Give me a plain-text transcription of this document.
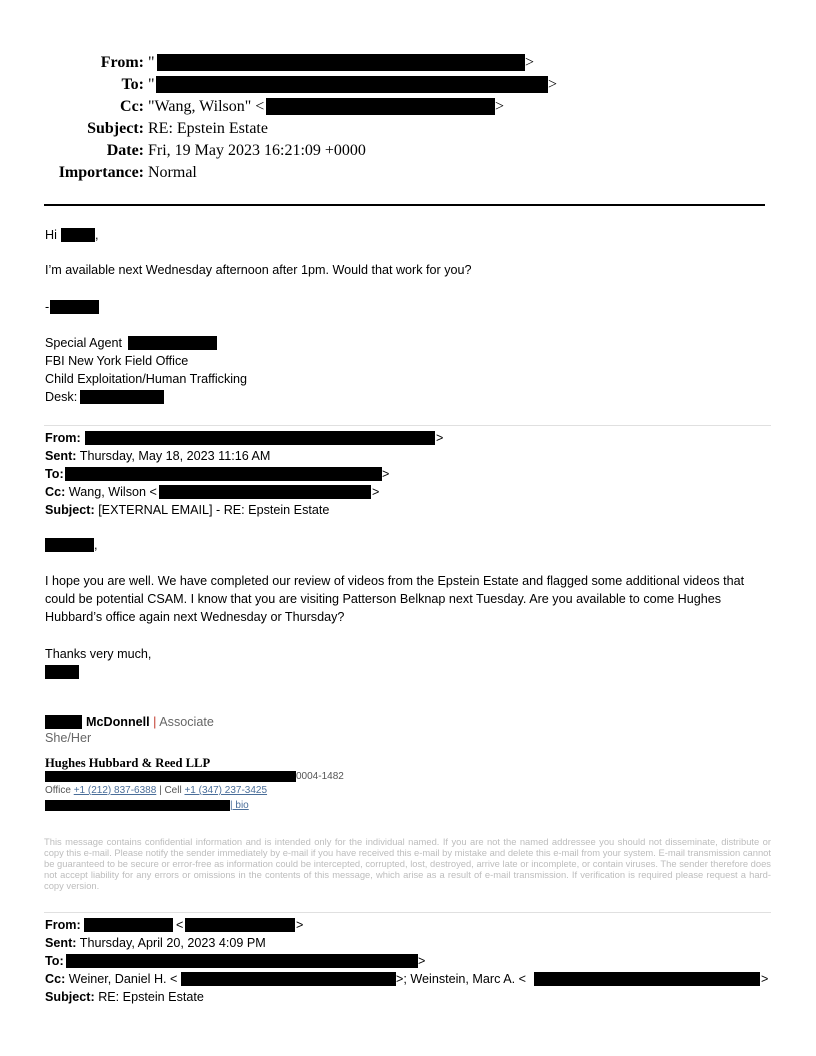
From: "	>
To: "	>
Cc: "Wang, Wilson" <	>
Subject: RE: Epstein Estate
Date: Fri, 19 May 2023 16:21:09 +0000
Importance: Normal
Hi	,
I’m available next Wednesday afternoon after 1pm. Would that work for you?
-
Special Agent
FBI New York Field Office
Child Exploitation/Human Trafficking
Desk:
From:	>
Sent: Thursday, May 18, 2023 11:16 AM
To:	>
Cc: Wang, Wilson <	>
Subject: [EXTERNAL EMAIL] - RE: Epstein Estate
,
I hope you are well. We have completed our review of videos from the Epstein Estate and flagged some additional videos that could be potential CSAM. I know that you are visiting Patterson Belknap next Tuesday. Are you available to come Hughes Hubbard’s office again next Wednesday or Thursday?
Thanks very much,
McDonnell | Associate
She/Her
Hughes Hubbard & Reed LLP
0004-1482
Office +1 (212) 837-6388 | Cell +1 (347) 237-3425
| bio
This message contains confidential information and is intended only for the individual named. If you are not the named addressee you should not disseminate, distribute or copy this e-mail. Please notify the sender immediately by e-mail if you have received this e-mail by mistake and delete this e-mail from your system. E-mail transmission cannot be guaranteed to be secure or error-free as information could be intercepted, corrupted, lost, destroyed, arrive late or incomplete, or contain viruses. The sender therefore does not accept liability for any errors or omissions in the contents of this message, which arise as a result of e-mail transmission. If verification is required please request a hard-copy version.
From:	<	>
Sent: Thursday, April 20, 2023 4:09 PM
To:	>
Cc: Weiner, Daniel H. <	>; Weinstein, Marc A. <	>
Subject: RE: Epstein Estate
